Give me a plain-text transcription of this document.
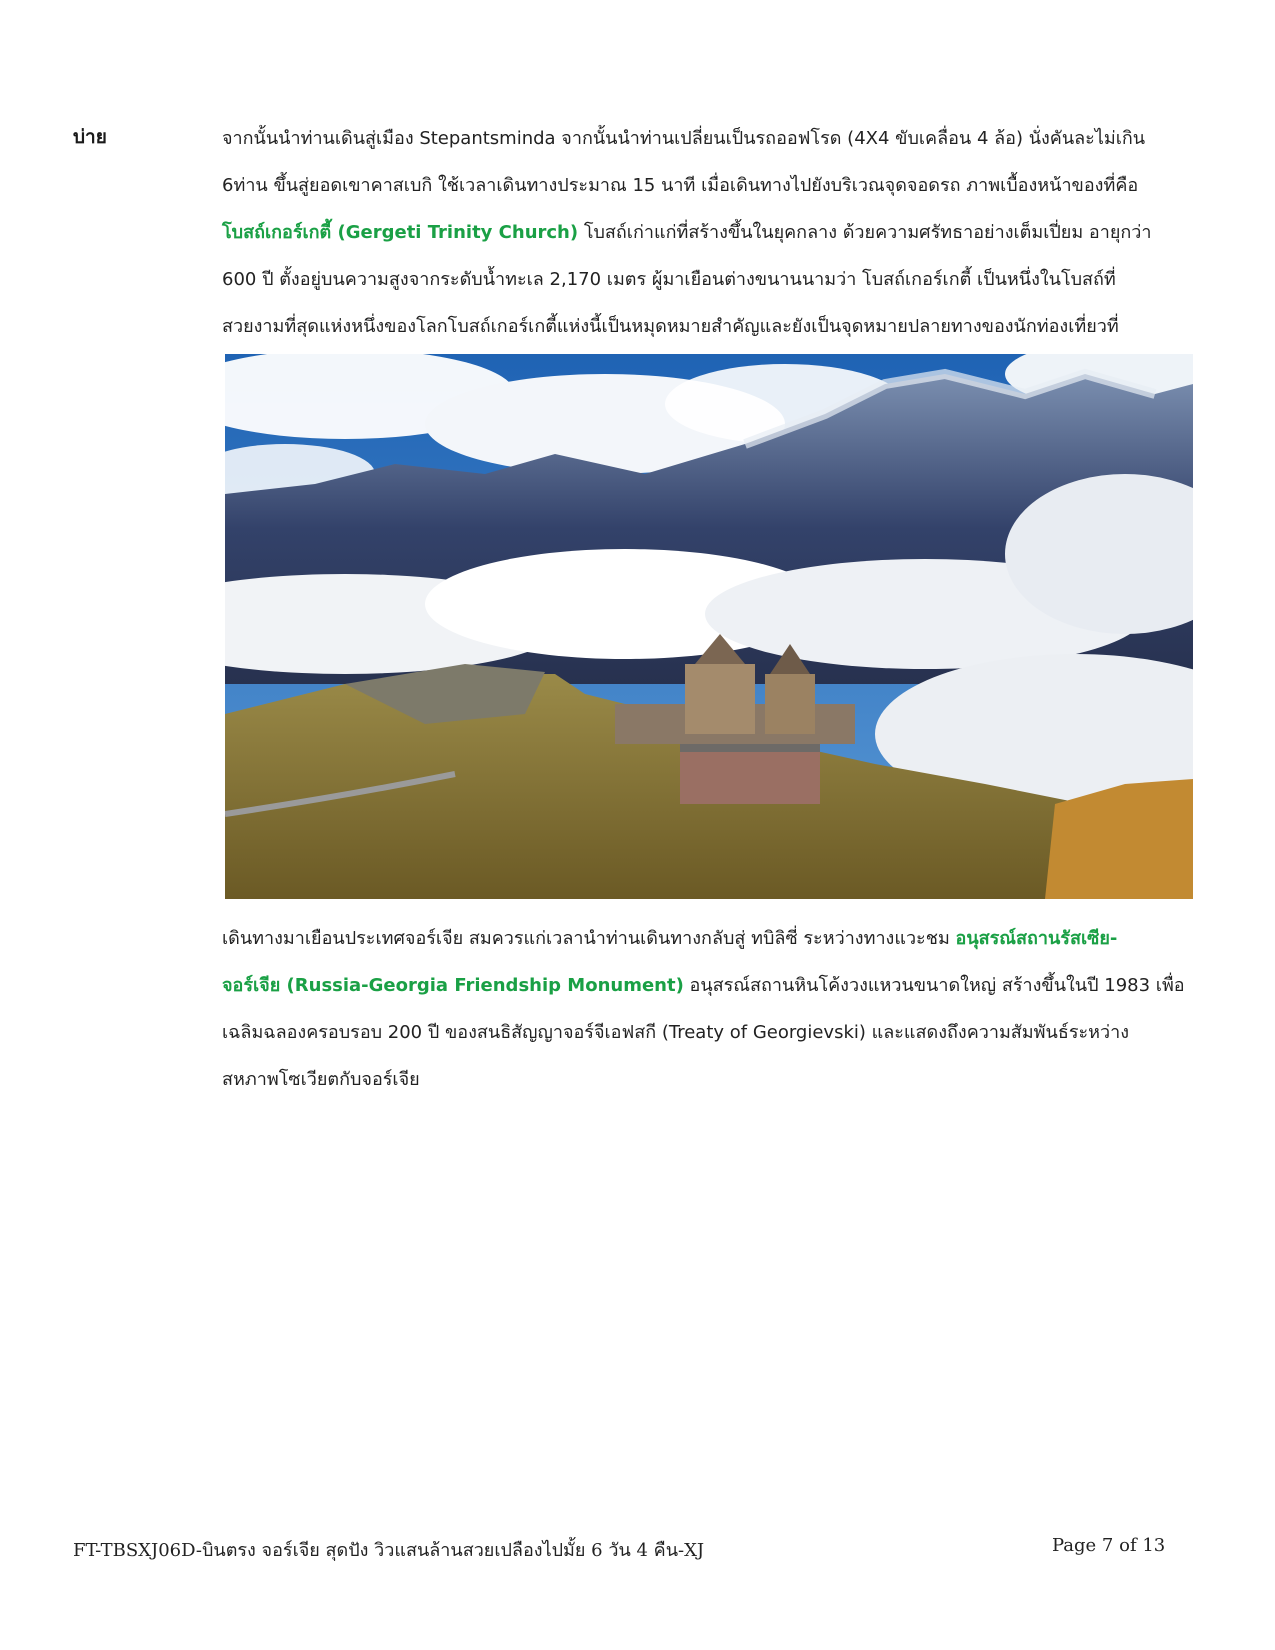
บ่าย	จากนั้นนำท่านเดินสู่เมือง Stepantsminda จากนั้นนำท่านเปลี่ยนเป็นรถออฟโรด (4X4 ขับเคลื่อน 4 ล้อ) นั่งคันละไม่เกิน

6ท่าน ขึ้นสู่ยอดเขาคาสเบกิ ใช้เวลาเดินทางประมาณ 15 นาที เมื่อเดินทางไปยังบริเวณจุดจอดรถ ภาพเบื้องหน้าของที่คือ

โบสถ์เกอร์เกตี้ (Gergeti Trinity Church) โบสถ์เก่าแก่ที่สร้างขึ้นในยุคกลาง ด้วยความศรัทธาอย่างเต็มเปี่ยม อายุกว่า

600 ปี ตั้งอยู่บนความสูงจากระดับน้ำทะเล 2,170 เมตร ผู้มาเยือนต่างขนานนามว่า โบสถ์เกอร์เกตี้ เป็นหนึ่งในโบสถ์ที่

สวยงามที่สุดแห่งหนึ่งของโลกโบสถ์เกอร์เกตี้แห่งนี้เป็นหมุดหมายสำคัญและยังเป็นจุดหมายปลายทางของนักท่องเที่ยวที่

เดินทางมาเยือนประเทศจอร์เจีย สมควรแก่เวลานำท่านเดินทางกลับสู่ ทบิลิซี่ ระหว่างทางแวะชม อนุสรณ์สถานรัสเซีย-

จอร์เจีย (Russia-Georgia Friendship Monument) อนุสรณ์สถานหินโค้งวงแหวนขนาดใหญ่ สร้างขึ้นในปี 1983 เพื่อ

เฉลิมฉลองครอบรอบ 200 ปี ของสนธิสัญญาจอร์จีเอฟสกี (Treaty of Georgievski) และแสดงถึงความสัมพันธ์ระหว่าง

สหภาพโซเวียตกับจอร์เจีย

FT-TBSXJ06D-บินตรง จอร์เจีย สุดปัง วิวแสนล้านสวยเปลืองไปมั้ย 6 วัน 4 คืน-XJ	Page 7 of 13
